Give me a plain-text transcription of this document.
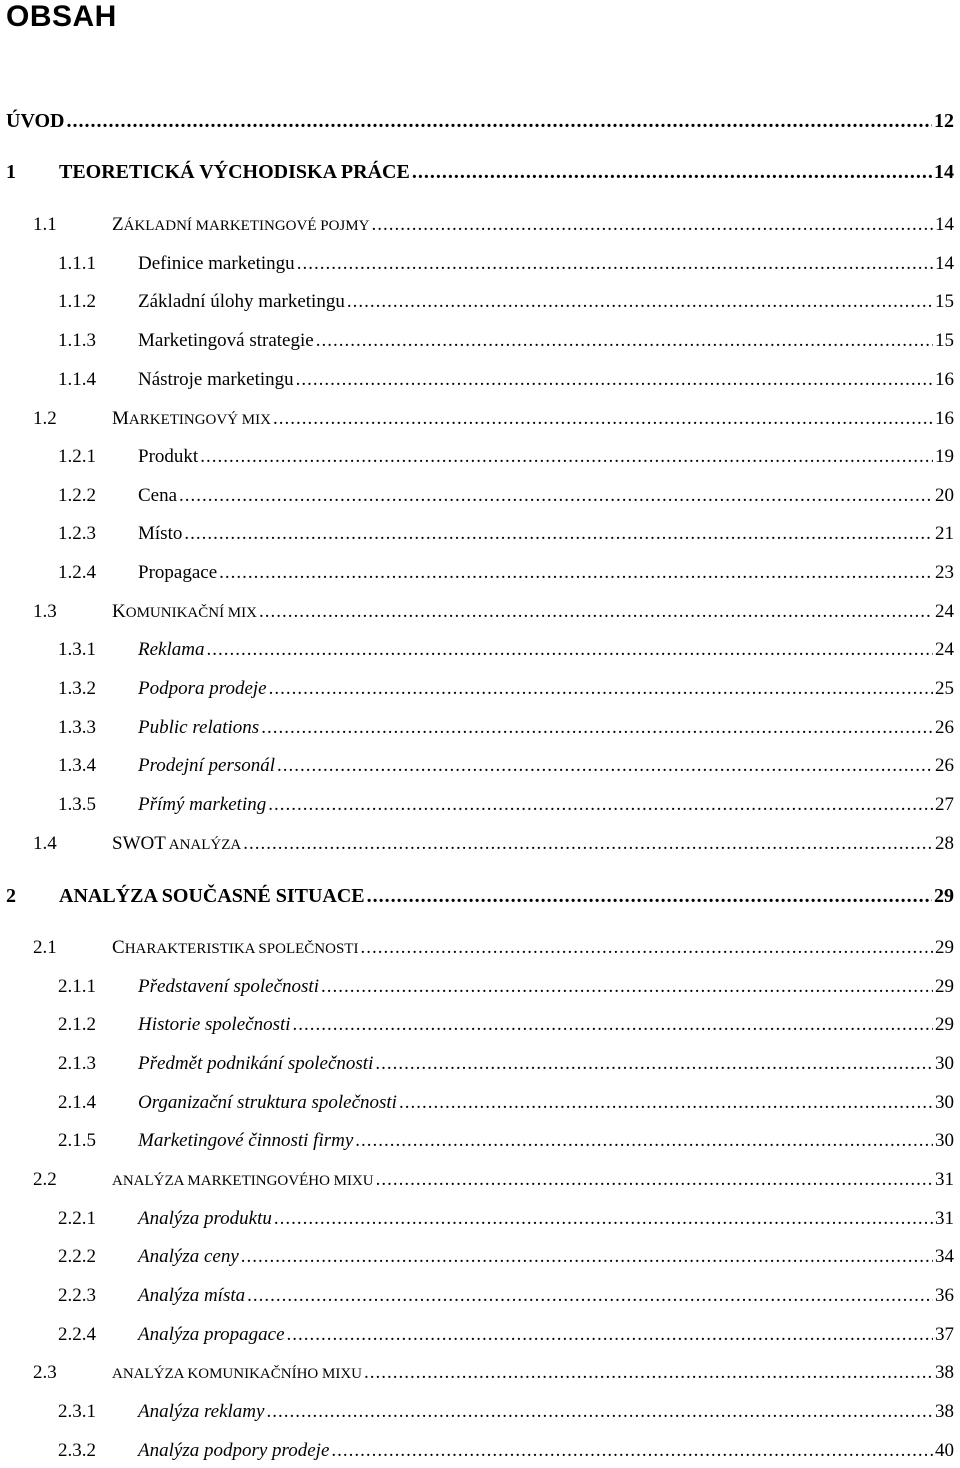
OBSAH
ÚVOD .....	12
1	TEORETICKÁ VÝCHODISKA PRÁCE .....	14
1.1	ZÁKLADNÍ MARKETINGOVÉ POJMY .....	14
1.1.1	Definice marketingu .....	14
1.1.2	Základní úlohy marketingu .....	15
1.1.3	Marketingová strategie .....	15
1.1.4	Nástroje marketingu .....	16
1.2	MARKETINGOVÝ MIX .....	16
1.2.1	Produkt .....	19
1.2.2	Cena .....	20
1.2.3	Místo .....	21
1.2.4	Propagace .....	23
1.3	KOMUNIKAČNÍ MIX .....	24
1.3.1	Reklama .....	24
1.3.2	Podpora prodeje .....	25
1.3.3	Public relations .....	26
1.3.4	Prodejní personál .....	26
1.3.5	Přímý marketing .....	27
1.4	SWOT ANALÝZA .....	28
2	ANALÝZA SOUČASNÉ SITUACE .....	29
2.1	CHARAKTERISTIKA SPOLEČNOSTI .....	29
2.1.1	Představení společnosti .....	29
2.1.2	Historie společnosti .....	29
2.1.3	Předmět podnikání společnosti .....	30
2.1.4	Organizační struktura společnosti .....	30
2.1.5	Marketingové činnosti firmy .....	30
2.2	ANALÝZA MARKETINGOVÉHO MIXU .....	31
2.2.1	Analýza produktu .....	31
2.2.2	Analýza ceny .....	34
2.2.3	Analýza místa .....	36
2.2.4	Analýza propagace .....	37
2.3	ANALÝZA KOMUNIKAČNÍHO MIXU .....	38
2.3.1	Analýza reklamy .....	38
2.3.2	Analýza podpory prodeje .....	40
